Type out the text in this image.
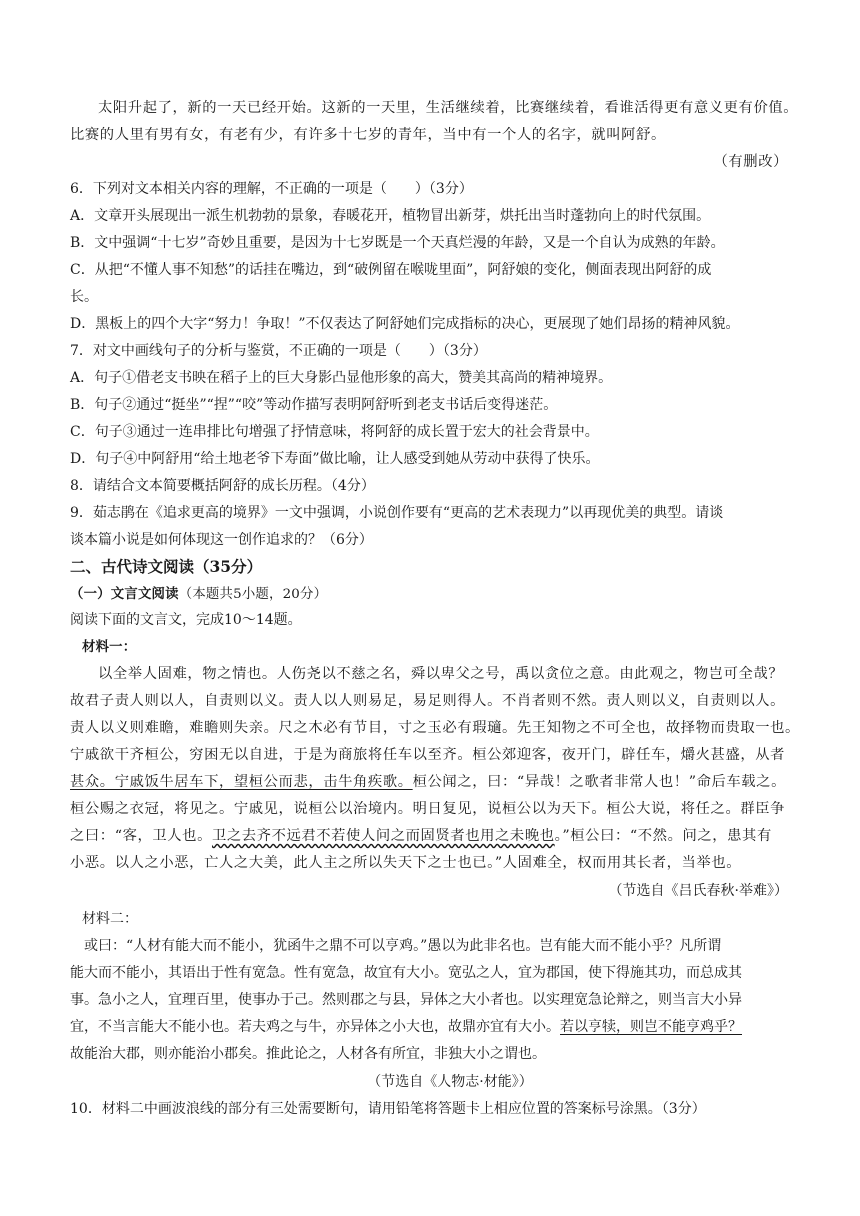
太阳升起了，新的一天已经开始。这新的一天里，生活继续着，比赛继续着，看谁活得更有意义更有价值。
比赛的人里有男有女，有老有少，有许多十七岁的青年，当中有一个人的名字，就叫阿舒。
（有删改）
6．下列对文本相关内容的理解，不正确的一项是（　　）（3分）
A．文章开头展现出一派生机勃勃的景象，春暖花开，植物冒出新芽，烘托出当时蓬勃向上的时代氛围。
B．文中强调“十七岁”奇妙且重要，是因为十七岁既是一个天真烂漫的年龄，又是一个自认为成熟的年龄。
C．从把“不懂人事不知愁”的话挂在嘴边，到“破例留在喉咙里面”，阿舒娘的变化，侧面表现出阿舒的成
长。
D．黑板上的四个大字“努力！争取！”不仅表达了阿舒她们完成指标的决心，更展现了她们昂扬的精神风貌。
7．对文中画线句子的分析与鉴赏，不正确的一项是（　　）（3分）
A．句子①借老支书映在稻子上的巨大身影凸显他形象的高大，赞美其高尚的精神境界。
B．句子②通过“挺坐”“捏”“咬”等动作描写表明阿舒听到老支书话后变得迷茫。
C．句子③通过一连串排比句增强了抒情意味，将阿舒的成长置于宏大的社会背景中。
D．句子④中阿舒用“给土地老爷下寿面”做比喻，让人感受到她从劳动中获得了快乐。
8．请结合文本简要概括阿舒的成长历程。（4分）
9．茹志鹃在《追求更高的境界》一文中强调，小说创作要有“更高的艺术表现力”以再现优美的典型。请谈
谈本篇小说是如何体现这一创作追求的？（6分）
二、古代诗文阅读（35分）
（一）文言文阅读（本题共5小题，20分）
阅读下面的文言文，完成10～14题。
材料一：
以全举人固难，物之情也。人伤尧以不慈之名，舜以卑父之号，禹以贪位之意。由此观之，物岂可全哉？
故君子责人则以人，自责则以义。责人以人则易足，易足则得人。不肖者则不然。责人则以义，自责则以人。
责人以义则难瞻，难瞻则失亲。尺之木必有节目，寸之玉必有瑕瓋。先王知物之不可全也，故择物而贵取一也。
宁戚欲干齐桓公，穷困无以自进，于是为商旅将任车以至齐。桓公郊迎客，夜开门，辟任车，爝火甚盛，从者
甚众。宁戚饭牛居车下，望桓公而悲，击牛角疾歌。桓公闻之，曰：“异哉！之歌者非常人也！”命后车载之。
桓公赐之衣冠，将见之。宁戚见，说桓公以治境内。明日复见，说桓公以为天下。桓公大说，将任之。群臣争
之曰：“客，卫人也。卫之去齐不远君不若使人问之而固贤者也用之未晚也。”桓公曰：“不然。问之，患其有
小恶。以人之小恶，亡人之大美，此人主之所以失天下之士也已。”人固难全，权而用其长者，当举也。
（节选自《吕氏春秋·举难》）
材料二：
或曰：“人材有能大而不能小，犹函牛之鼎不可以亨鸡。”愚以为此非名也。岂有能大而不能小乎？凡所谓
能大而不能小，其语出于性有宽急。性有宽急，故宜有大小。宽弘之人，宜为郡国，使下得施其功，而总成其
事。急小之人，宜理百里，使事办于己。然则郡之与县，异体之大小者也。以实理宽急论辩之，则当言大小异
宜，不当言能大不能小也。若夫鸡之与牛，亦异体之小大也，故鼎亦宜有大小。若以亨犊，则岂不能亨鸡乎？
故能治大郡，则亦能治小郡矣。推此论之，人材各有所宜，非独大小之谓也。
（节选自《人物志·材能》）
10．材料二中画波浪线的部分有三处需要断句，请用铅笔将答题卡上相应位置的答案标号涂黑。（3分）
